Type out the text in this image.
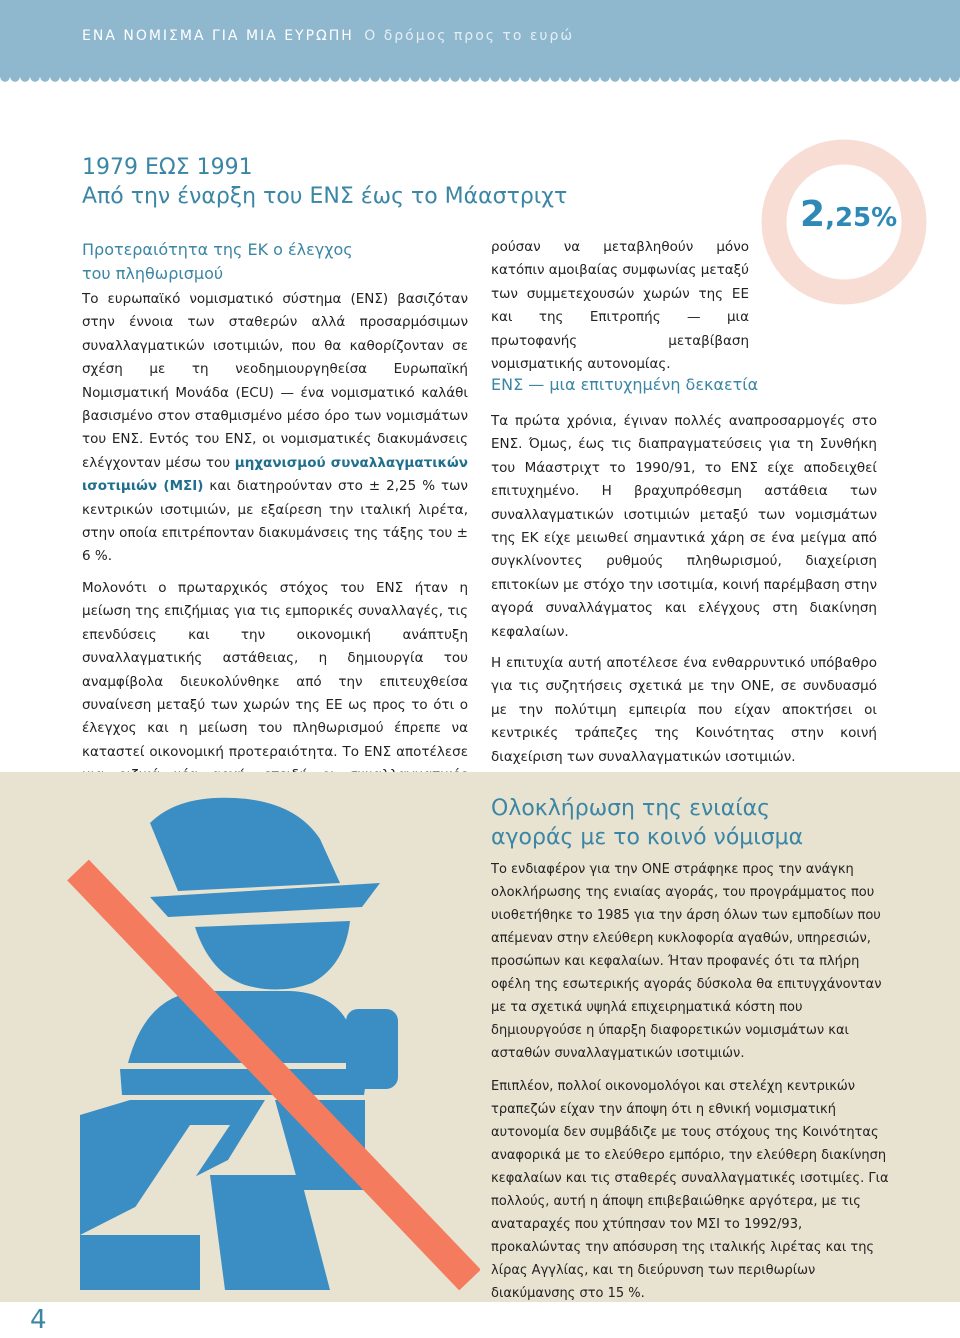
ΕΝΑ ΝΟΜΙΣΜΑ ΓΙΑ ΜΙΑ ΕΥΡΩΠΗ Ο δρόμος προς το ευρώ
1979 ΕΩΣ 1991
Από την έναρξη του ΕΝΣ έως το Μάαστριχτ
Προτεραιότητα της ΕΚ ο έλεγχος του πληθωρισμού

Το ευρωπαϊκό νομισματικό σύστημα (ΕΝΣ) βασιζόταν στην έννοια των σταθερών αλλά προσαρμόσιμων συναλλαγματικών ισοτιμιών, που θα καθορίζονταν σε σχέση με τη νεοδημιουργηθείσα Ευρωπαϊκή Νομισματική Μονάδα (ECU) — ένα νομισματικό καλάθι βασισμένο στον σταθμισμένο μέσο όρο των νομισμάτων του ΕΝΣ. Εντός του ΕΝΣ, οι νομισματικές διακυμάνσεις ελέγχονταν μέσω του μηχανισμού συναλλαγματικών ισοτιμιών (ΜΣΙ) και διατηρούνταν στο ± 2,25 % των κεντρικών ισοτιμιών, με εξαίρεση την ιταλική λιρέτα, στην οποία επιτρέπονταν διακυμάνσεις της τάξης του ± 6 %.

Μολονότι ο πρωταρχικός στόχος του ΕΝΣ ήταν η μείωση της επιζήμιας για τις εμπορικές συναλλαγές, τις επενδύσεις και την οικονομική ανάπτυξη συναλλαγματικής αστάθειας, η δημιουργία του αναμφίβολα διευκολύνθηκε από την επιτευχθείσα συναίνεση μεταξύ των χωρών της ΕΕ ως προς το ότι ο έλεγχος και η μείωση του πληθωρισμού έπρεπε να καταστεί οικονομική προτεραιότητα. Το ΕΝΣ αποτέλεσε

ρούσαν να μεταβληθούν μόνο κατόπιν αμοιβαίας συμφωνίας μεταξύ των συμμετεχουσών χωρών της ΕΕ και της Επιτροπής — μια πρωτοφανής μεταβίβαση νομισματικής αυτονομίας.

ΕΝΣ — μια επιτυχημένη δεκαετία

Τα πρώτα χρόνια, έγιναν πολλές αναπροσαρμογές στο ΕΝΣ. Όμως, έως τις διαπραγματεύσεις για τη Συνθήκη του Μάαστριχτ το 1990/91, το ΕΝΣ είχε αποδειχθεί επιτυχημένο. Η βραχυπρόθεσμη αστάθεια των συναλλαγματικών ισοτιμιών μεταξύ των νομισμάτων της ΕΚ είχε μειωθεί σημαντικά χάρη σε ένα μείγμα από συγκλίνοντες ρυθμούς πληθωρισμού, διαχείριση επιτοκίων με στόχο την ισοτιμία, κοινή παρέμβαση στην αγορά συναλλάγματος και ελέγχους στη διακίνηση κεφαλαίων.

Η επιτυχία αυτή αποτέλεσε ένα ενθαρρυντικό υπόβαθρο για τις συζητήσεις σχετικά με την ΟΝΕ, σε συνδυασμό με την πολύτιμη εμπειρία που είχαν αποκτήσει οι κεντρικές τράπεζες της Κοινότητας στην κοινή διαχείριση των συναλλαγματικών ισοτιμιών.

2,25%
Ολοκλήρωση της ενιαίας αγοράς με το κοινό νόμισμα

Το ενδιαφέρον για την ΟΝΕ στράφηκε προς την ανάγκη ολοκλήρωσης της ενιαίας αγοράς, του προγράμματος που υιοθετήθηκε το 1985 για την άρση όλων των εμποδίων που απέμεναν στην ελεύθερη κυκλοφορία αγαθών, υπηρεσιών, προσώπων και κεφαλαίων. Ήταν προφανές ότι τα πλήρη οφέλη της εσωτερικής αγοράς δύσκολα θα επιτυγχάνονταν με τα σχετικά υψηλά επιχειρηματικά κόστη που δημιουργούσε η ύπαρξη διαφορετικών νομισμάτων και ασταθών συναλλαγματικών ισοτιμιών.

Επιπλέον, πολλοί οικονομολόγοι και στελέχη κεντρικών τραπεζών είχαν την άποψη ότι η εθνική νομισματική αυτονομία δεν συμβάδιζε με τους στόχους της Κοινότητας αναφορικά με το ελεύθερο εμπόριο, την ελεύθερη διακίνηση κεφαλαίων και τις σταθερές συναλλαγματικές ισοτιμίες. Για πολλούς, αυτή η άποψη επιβεβαιώθηκε αργότερα, με τις αναταραχές που χτύπησαν τον ΜΣΙ το 1992/93, προκαλώντας την απόσυρση της ιταλικής λιρέτας και της λίρας Αγγλίας, και τη διεύρυνση των περιθωρίων διακύμανσης στο 15 %.

4
